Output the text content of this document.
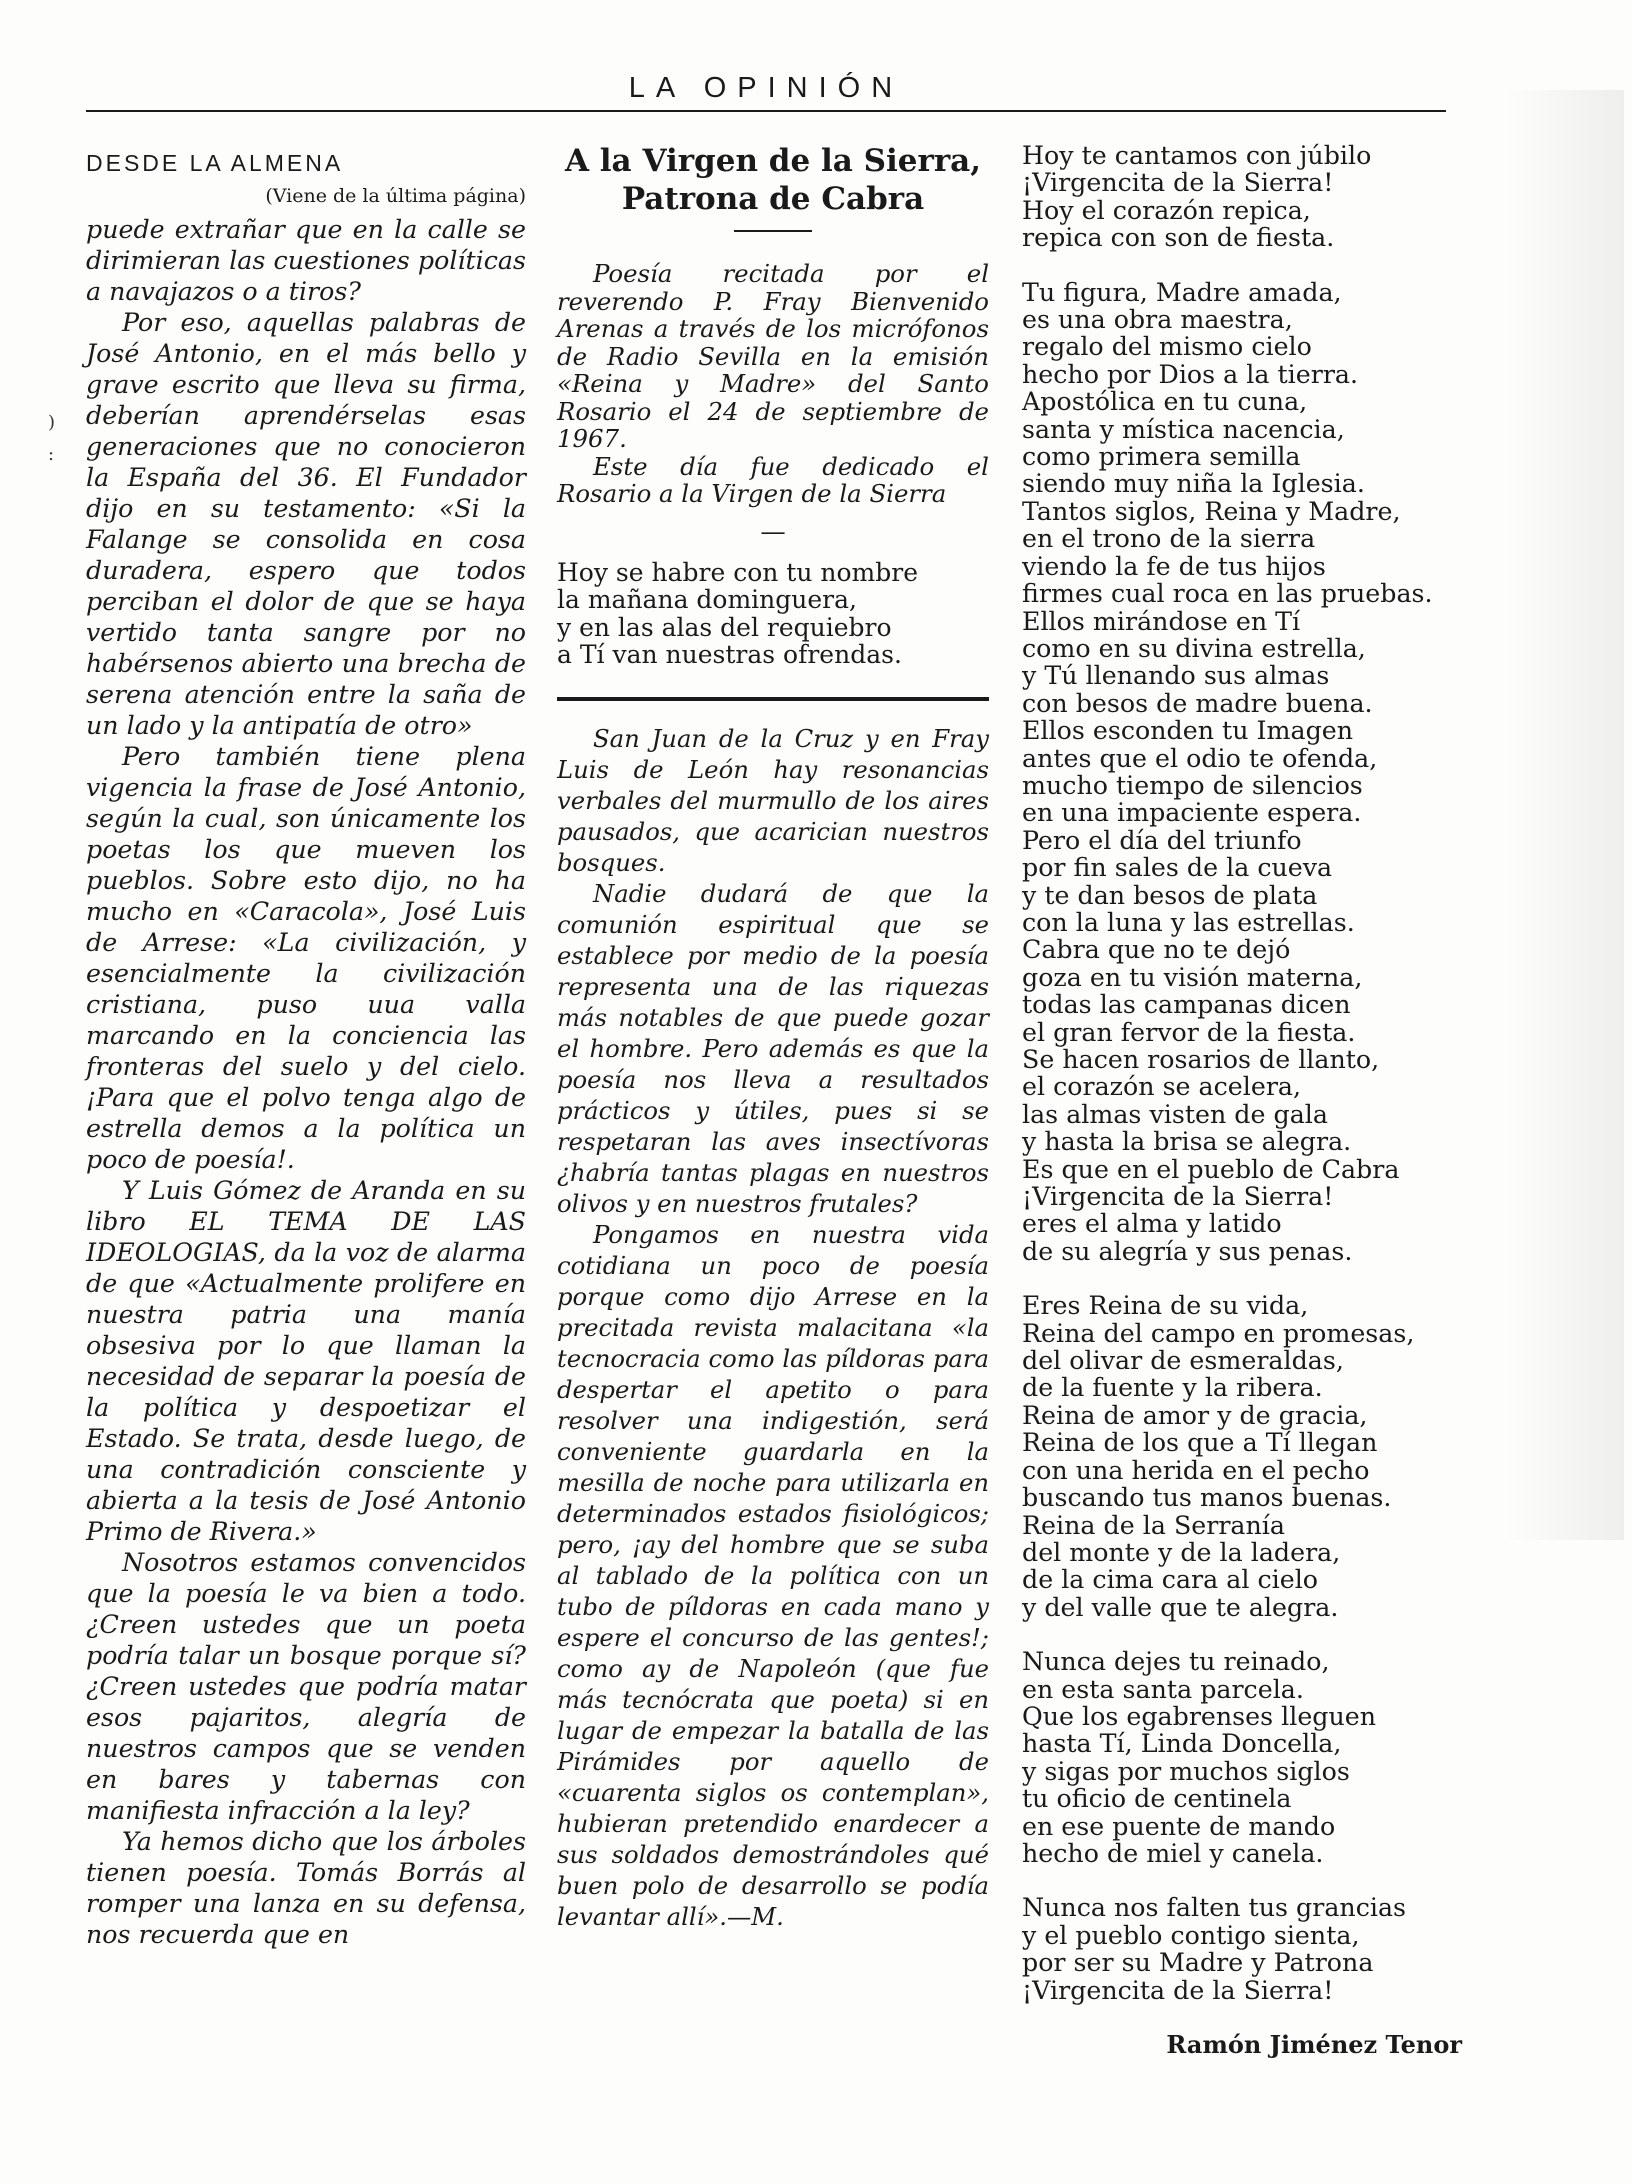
LA OPINIÓN
)
:
DESDE LA ALMENA
(Viene de la última página)

puede extrañar que en la calle se dirimieran las cuestiones políticas a navajazos o a tiros?

Por eso, aquellas palabras de José Antonio, en el más bello y grave escrito que lleva su firma, deberían aprendérselas esas generaciones que no conocieron la España del 36. El Fundador dijo en su testamento: «Si la Falange se consolida en cosa duradera, espero que todos perciban el dolor de que se haya vertido tanta sangre por no habérsenos abierto una brecha de serena atención entre la saña de un lado y la antipatía de otro»

Pero también tiene plena vigencia la frase de José Antonio, según la cual, son únicamente los poetas los que mueven los pueblos. Sobre esto dijo, no ha mucho en «Caracola», José Luis de Arrese: «La civilización, y esencialmente la civilización cristiana, puso uua valla marcando en la conciencia las fronteras del suelo y del cielo. ¡Para que el polvo tenga algo de estrella demos a la política un poco de poesía!.

Y Luis Gómez de Aranda en su libro EL TEMA DE LAS IDEOLOGIAS, da la voz de alarma de que «Actualmente prolifere en nuestra patria una manía obsesiva por lo que llaman la necesidad de separar la poesía de la política y despoetizar el Estado. Se trata, desde luego, de una contradición consciente y abierta a la tesis de José Antonio Primo de Rivera.»

Nosotros estamos convencidos que la poesía le va bien a todo. ¿Creen ustedes que un poeta podría talar un bosque porque sí? ¿Creen ustedes que podría matar esos pajaritos, alegría de nuestros campos que se venden en bares y tabernas con manifiesta infracción a la ley?

Ya hemos dicho que los árboles tienen poesía. Tomás Borrás al romper una lanza en su defensa, nos recuerda que en

A la Virgen de la Sierra,
Patrona de Cabra

Poesía recitada por el reverendo P. Fray Bienvenido Arenas a través de los micrófonos de Radio Sevilla en la emisión «Reina y Madre» del Santo Rosario el 24 de septiembre de 1967.

Este día fue dedicado el Rosario a la Virgen de la Sierra

—
Hoy se habre con tu nombre
la mañana dominguera,
y en las alas del requiebro
a Tí van nuestras ofrendas.

San Juan de la Cruz y en Fray Luis de León hay resonancias verbales del murmullo de los aires pausados, que acarician nuestros bosques.

Nadie dudará de que la comunión espiritual que se establece por medio de la poesía representa una de las riquezas más notables de que puede gozar el hombre. Pero además es que la poesía nos lleva a resultados prácticos y útiles, pues si se respetaran las aves insectívoras ¿habría tantas plagas en nuestros olivos y en nuestros frutales?

Pongamos en nuestra vida cotidiana un poco de poesía porque como dijo Arrese en la precitada revista malacitana «la tecnocracia como las píldoras para despertar el apetito o para resolver una indigestión, será conveniente guardarla en la mesilla de noche para utilizarla en determinados estados fisiológicos; pero, ¡ay del hombre que se suba al tablado de la política con un tubo de píldoras en cada mano y espere el concurso de las gentes!; como ay de Napoleón (que fue más tecnócrata que poeta) si en lugar de empezar la batalla de las Pirámides por aquello de «cuarenta siglos os contemplan», hubieran pretendido enardecer a sus soldados demostrándoles qué buen polo de desarrollo se podía levantar allí».—M.

Hoy te cantamos con júbilo
¡Virgencita de la Sierra!
Hoy el corazón repica,
repica con son de fiesta.
Tu figura, Madre amada,
es una obra maestra,
regalo del mismo cielo
hecho por Dios a la tierra.
Apostólica en tu cuna,
santa y mística nacencia,
como primera semilla
siendo muy niña la Iglesia.
Tantos siglos, Reina y Madre,
en el trono de la sierra
viendo la fe de tus hijos
firmes cual roca en las pruebas.
Ellos mirándose en Tí
como en su divina estrella,
y Tú llenando sus almas
con besos de madre buena.
Ellos esconden tu Imagen
antes que el odio te ofenda,
mucho tiempo de silencios
en una impaciente espera.
Pero el día del triunfo
por fin sales de la cueva
y te dan besos de plata
con la luna y las estrellas.
Cabra que no te dejó
goza en tu visión materna,
todas las campanas dicen
el gran fervor de la fiesta.
Se hacen rosarios de llanto,
el corazón se acelera,
las almas visten de gala
y hasta la brisa se alegra.
Es que en el pueblo de Cabra
¡Virgencita de la Sierra!
eres el alma y latido
de su alegría y sus penas.
Eres Reina de su vida,
Reina del campo en promesas,
del olivar de esmeraldas,
de la fuente y la ribera.
Reina de amor y de gracia,
Reina de los que a Tí llegan
con una herida en el pecho
buscando tus manos buenas.
Reina de la Serranía
del monte y de la ladera,
de la cima cara al cielo
y del valle que te alegra.
Nunca dejes tu reinado,
en esta santa parcela.
Que los egabrenses lleguen
hasta Tí, Linda Doncella,
y sigas por muchos siglos
tu oficio de centinela
en ese puente de mando
hecho de miel y canela.
Nunca nos falten tus grancias
y el pueblo contigo sienta,
por ser su Madre y Patrona
¡Virgencita de la Sierra!
Ramón Jiménez Tenor
